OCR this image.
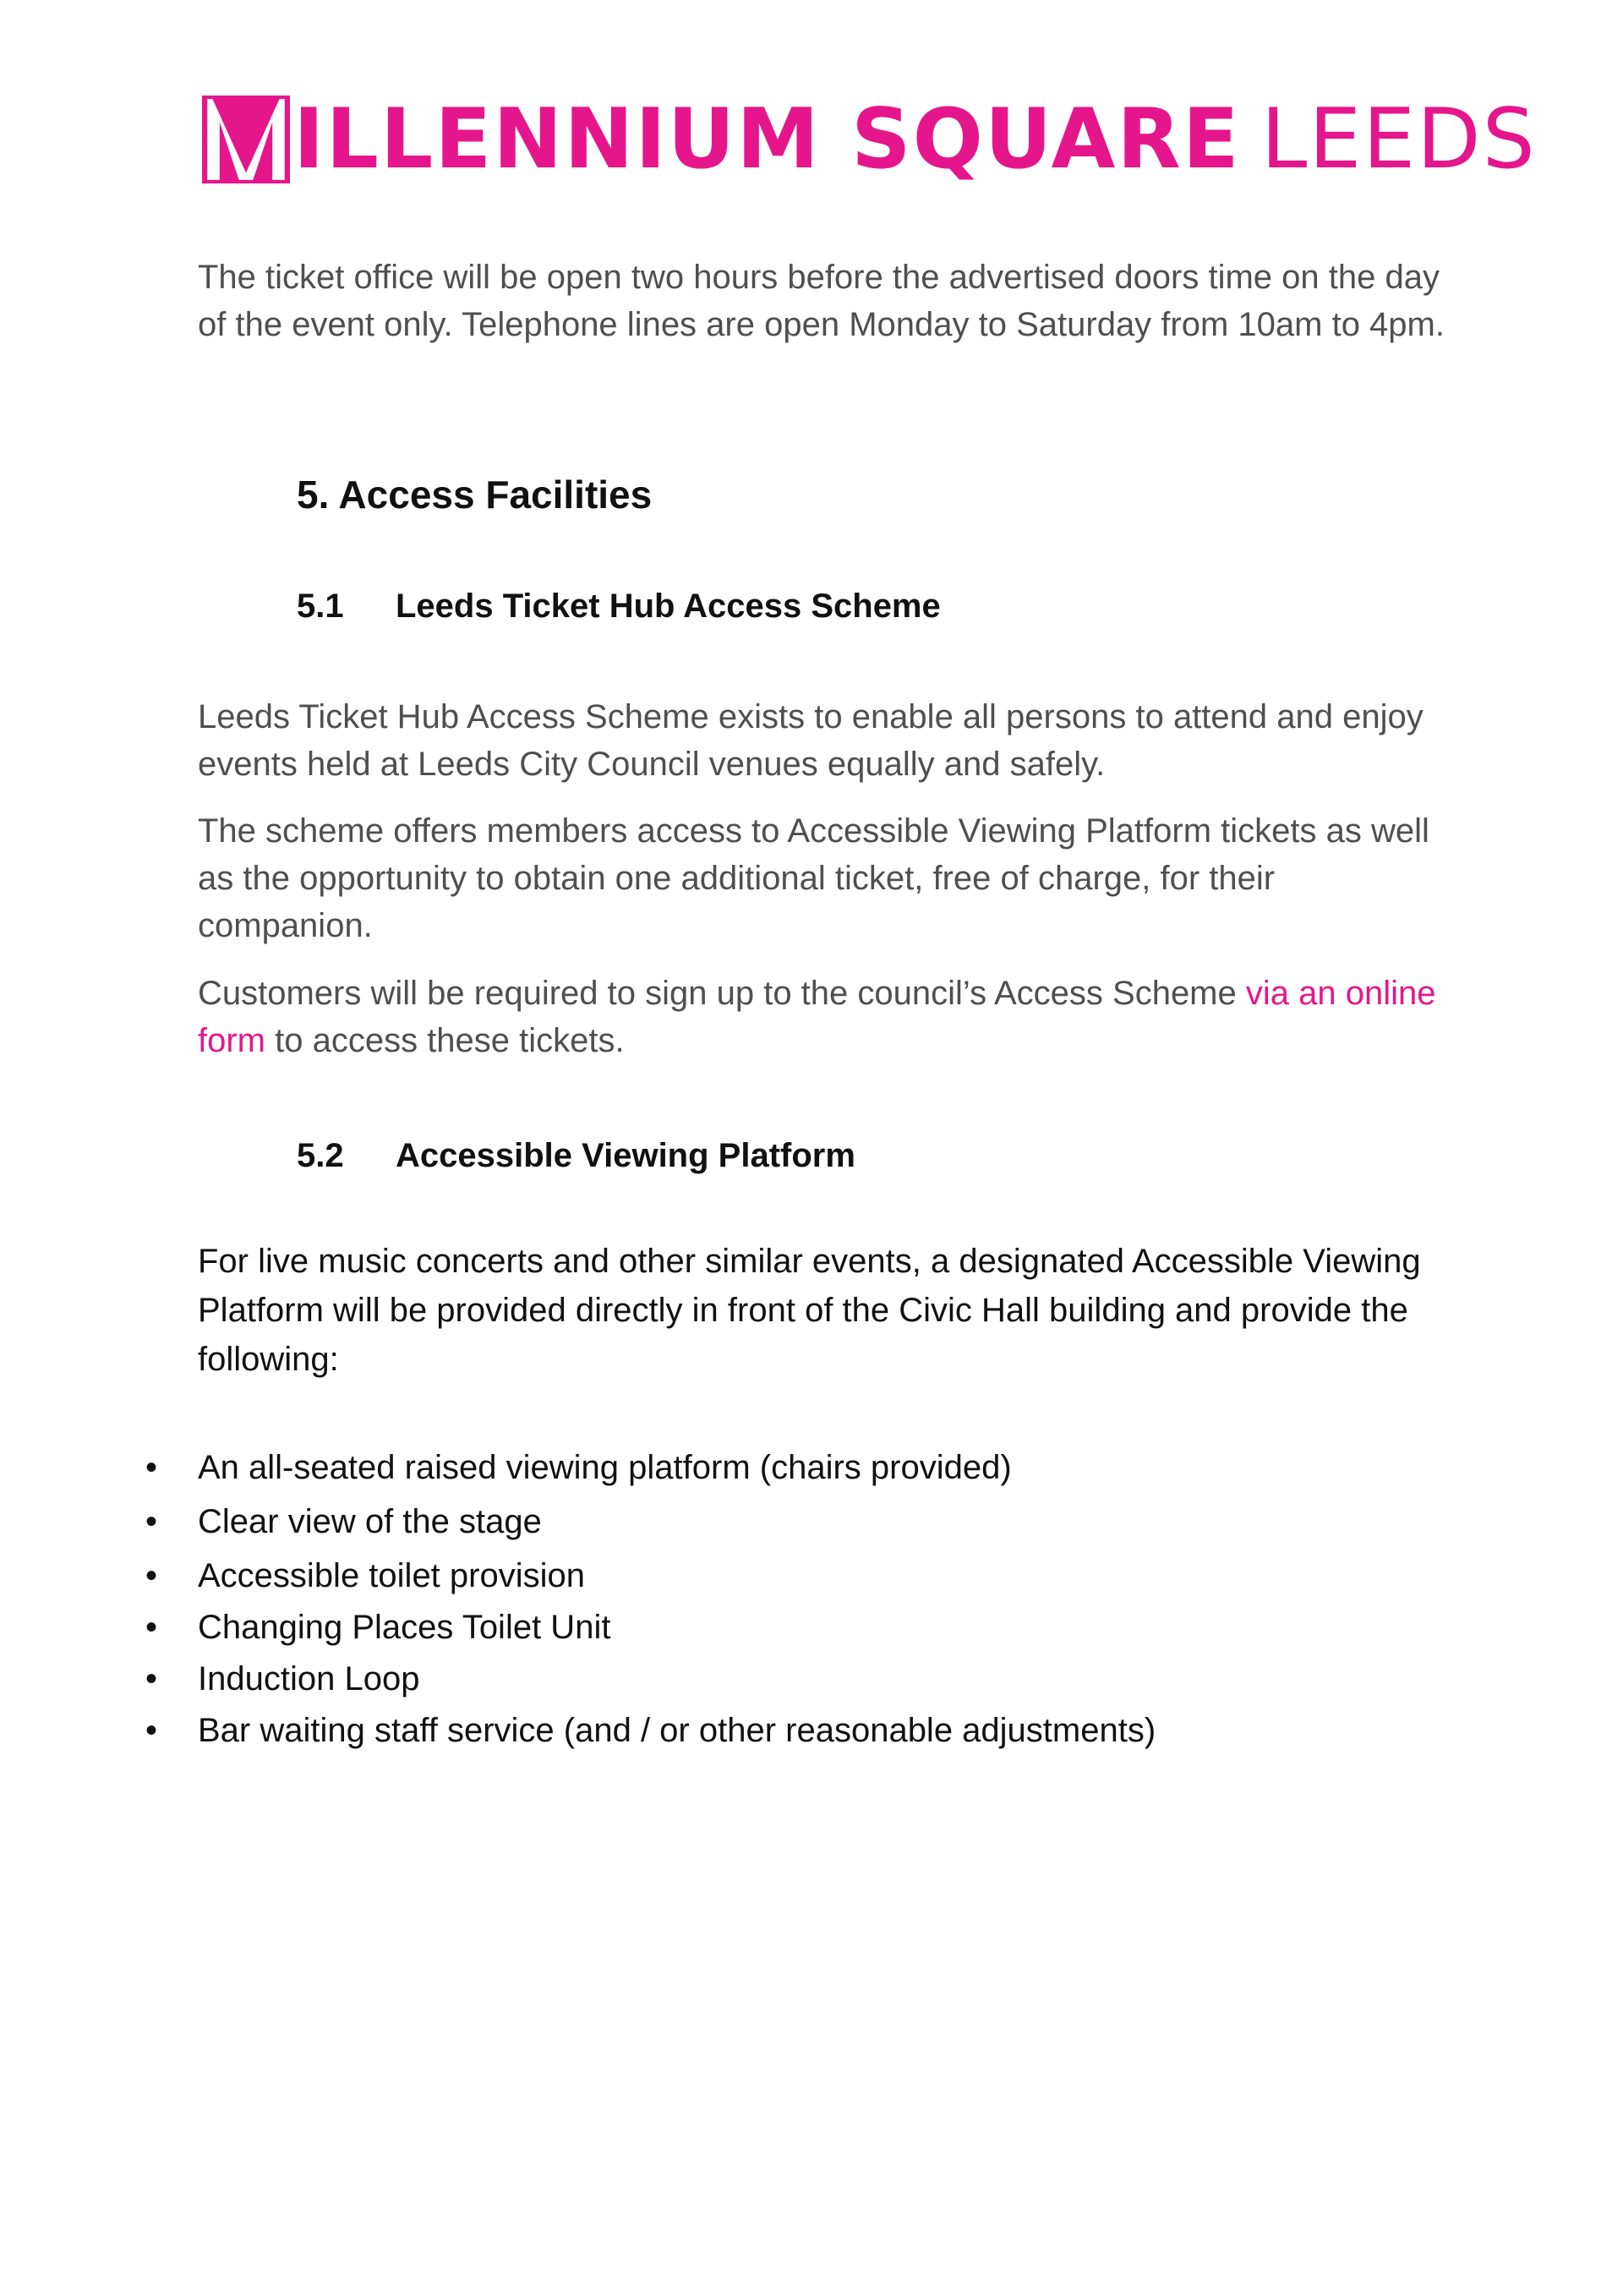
ILLENNIUM SQUARE LEEDS

The ticket office will be open two hours before the advertised doors time on the day of the event only. Telephone lines are open Monday to Saturday from 10am to 4pm.

5. Access Facilities
5.1 Leeds Ticket Hub Access Scheme

Leeds Ticket Hub Access Scheme exists to enable all persons to attend and enjoy events held at Leeds City Council venues equally and safely.

The scheme offers members access to Accessible Viewing Platform tickets as well as the opportunity to obtain one additional ticket, free of charge, for their companion.

Customers will be required to sign up to the council’s Access Scheme via an online form to access these tickets.

5.2 Accessible Viewing Platform

For live music concerts and other similar events, a designated Accessible Viewing Platform will be provided directly in front of the Civic Hall building and provide the following:

• An all-seated raised viewing platform (chairs provided)
• Clear view of the stage
• Accessible toilet provision
• Changing Places Toilet Unit
• Induction Loop
• Bar waiting staff service (and / or other reasonable adjustments)
